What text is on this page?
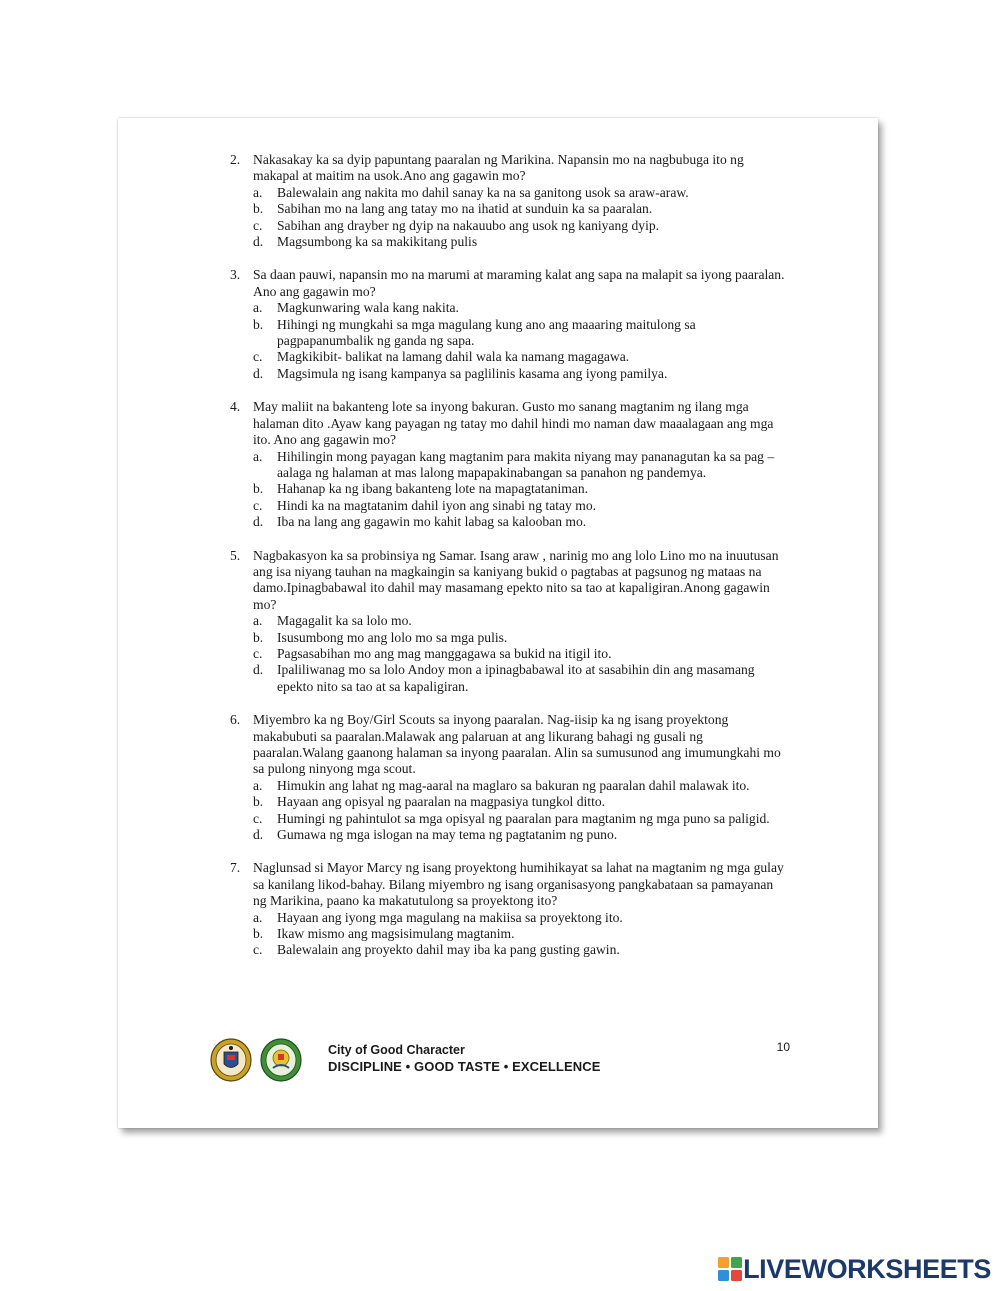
2. Nakasakay ka sa dyip papuntang paaralan ng Marikina. Napansin mo na nagbubuga ito ng makapal at maitim na usok.Ano ang gagawin mo?
a. Balewalain ang nakita mo dahil sanay ka na sa ganitong usok sa araw-araw.
b. Sabihan mo na lang ang tatay mo na ihatid at sunduin ka sa paaralan.
c. Sabihan ang drayber ng dyip na nakauubo ang usok ng kaniyang dyip.
d. Magsumbong ka sa makikitang pulis
3. Sa daan pauwi, napansin mo na marumi at maraming kalat ang sapa na malapit sa iyong paaralan. Ano ang gagawin mo?
a. Magkunwaring wala kang nakita.
b. Hihingi ng mungkahi sa mga magulang kung ano ang maaaring maitulong sa pagpapanumbalik ng ganda ng sapa.
c. Magkikibit- balikat na lamang dahil wala ka namang magagawa.
d. Magsimula ng isang kampanya sa paglilinis kasama ang iyong pamilya.
4. May maliit na bakanteng lote sa inyong bakuran. Gusto mo sanang magtanim ng ilang mga halaman dito .Ayaw kang payagan ng tatay mo dahil hindi mo naman daw maaalagaan ang mga ito. Ano ang gagawin mo?
a. Hihilingin mong payagan kang magtanim para makita niyang may pananagutan ka sa pag –aalaga ng halaman at mas lalong mapapakinabangan sa panahon ng pandemya.
b. Hahanap ka ng ibang bakanteng lote na mapagtataniman.
c. Hindi ka na magtatanim dahil iyon ang sinabi ng tatay mo.
d. Iba na lang ang gagawin mo kahit labag sa kalooban mo.
5. Nagbakasyon ka sa probinsiya ng Samar. Isang araw , narinig mo ang lolo Lino mo na inuutusan ang isa niyang tauhan na magkaingin sa kaniyang bukid o pagtabas at pagsunog ng mataas na damo.Ipinagbabawal ito dahil may masamang epekto nito sa tao at kapaligiran.Anong gagawin mo?
a. Magagalit ka sa lolo mo.
b. Isusumbong mo ang lolo mo sa mga pulis.
c. Pagsasabihan mo ang mag manggagawa sa bukid na itigil ito.
d. Ipaliliwanag mo sa lolo Andoy mon a ipinagbabawal ito at sasabihin din ang masamang epekto nito sa tao at sa kapaligiran.
6. Miyembro ka ng Boy/Girl Scouts sa inyong paaralan. Nag-iisip ka ng isang proyektong makabubuti sa paaralan.Malawak ang palaruan at ang likurang bahagi ng gusali ng paaralan.Walang gaanong halaman sa inyong paaralan. Alin sa sumusunod ang imumungkahi mo sa pulong ninyong mga scout.
a. Himukin ang lahat ng mag-aaral na maglaro sa bakuran ng paaralan dahil malawak ito.
b. Hayaan ang opisyal ng paaralan na magpasiya tungkol ditto.
c. Humingi ng pahintulot sa mga opisyal ng paaralan para magtanim ng mga puno sa paligid.
d. Gumawa ng mga islogan na may tema ng pagtatanim ng puno.
7. Naglunsad si Mayor Marcy ng isang proyektong humihikayat sa lahat na magtanim ng mga gulay sa kanilang likod-bahay. Bilang miyembro ng isang organisasyong pangkabataan sa pamayanan ng Marikina, paano ka makatutulong sa proyektong ito?
a. Hayaan ang iyong mga magulang na makiisa sa proyektong ito.
b. Ikaw mismo ang magsisimulang magtanim.
c. Balewalain ang proyekto dahil may iba ka pang gusting gawin.
City of Good Character
DISCIPLINE • GOOD TASTE • EXCELLENCE
10
LIVEWORKSHEETS
